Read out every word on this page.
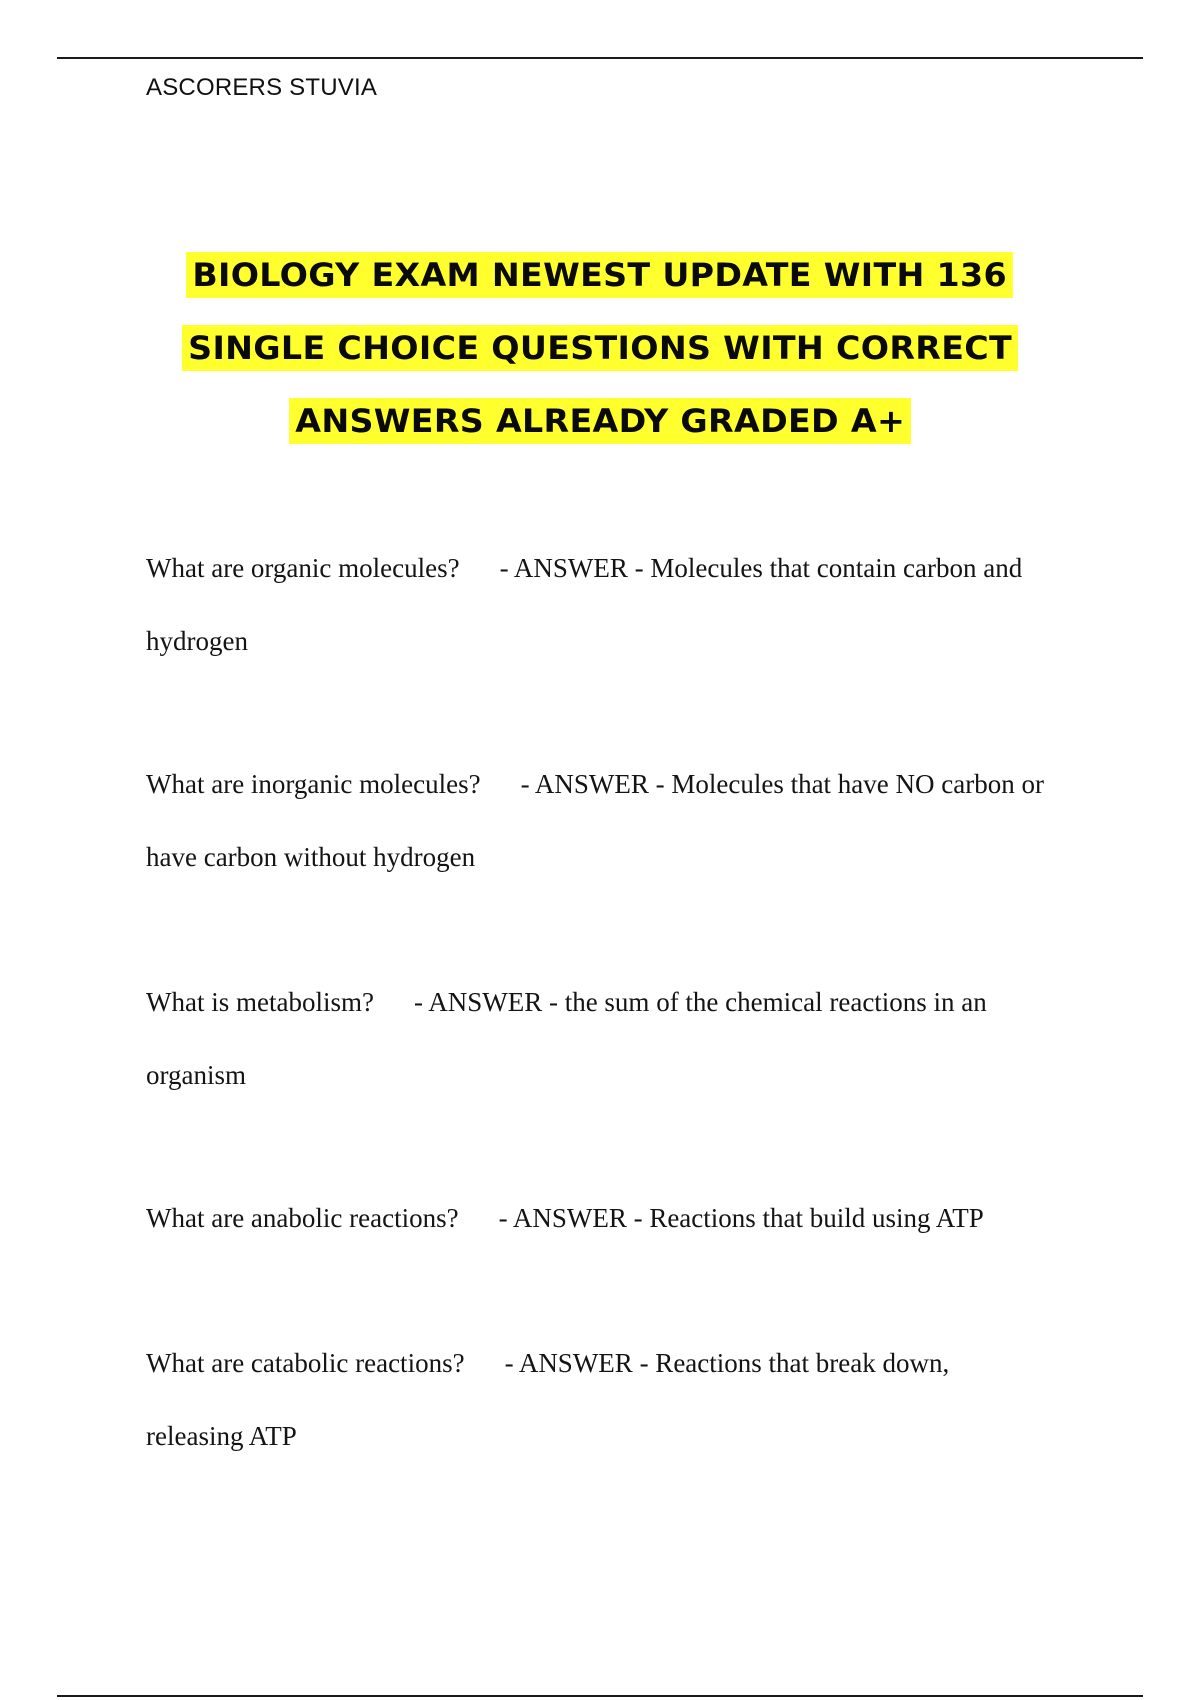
ASCORERS STUVIA
BIOLOGY EXAM NEWEST UPDATE WITH 136
SINGLE CHOICE QUESTIONS WITH CORRECT
ANSWERS ALREADY GRADED A+
What are organic molecules? - ANSWER - Molecules that contain carbon and hydrogen
What are inorganic molecules? - ANSWER - Molecules that have NO carbon or have carbon without hydrogen
What is metabolism? - ANSWER - the sum of the chemical reactions in an organism
What are anabolic reactions? - ANSWER - Reactions that build using ATP
What are catabolic reactions? - ANSWER - Reactions that break down, releasing ATP
